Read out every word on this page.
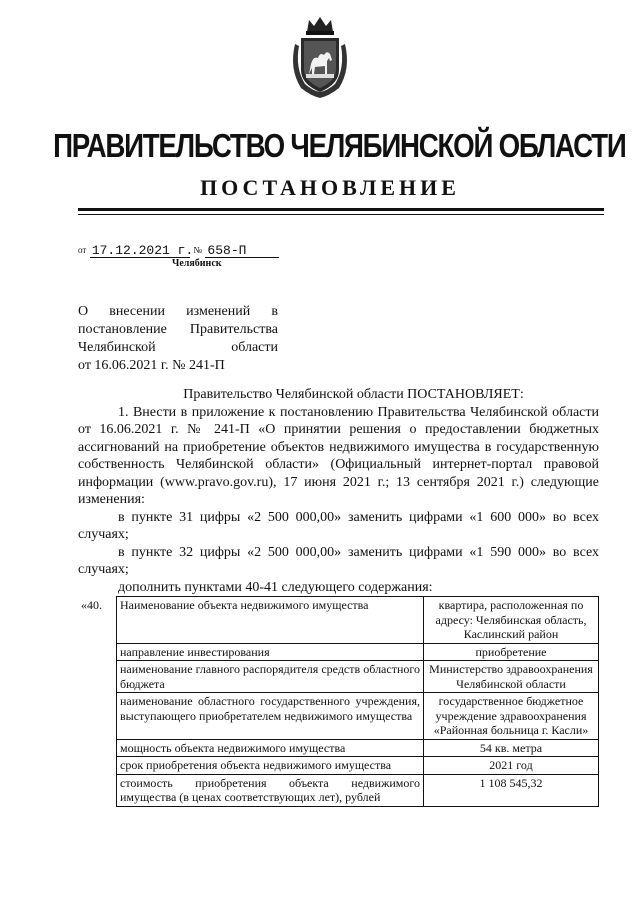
ПРАВИТЕЛЬСТВО ЧЕЛЯБИНСКОЙ ОБЛАСТИ
ПОСТАНОВЛЕНИЕ
от 17.12.2021 г. № 658-П
Челябинск

О внесении изменений в

постановление Правительства

Челябинской области

от 16.06.2021 г. № 241-П

Правительство Челябинской области ПОСТАНОВЛЯЕТ:

1. Внести в приложение к постановлению Правительства Челябинской области от 16.06.2021 г. № 241-П «О принятии решения о предоставлении бюджетных ассигнований на приобретение объектов недвижимого имущества в государственную собственность Челябинской области» (Официальный интернет-портал правовой информации (www.pravo.gov.ru), 17 июня 2021 г.; 13 сентября 2021 г.) следующие изменения:

в пункте 31 цифры «2 500 000,00» заменить цифрами «1 600 000» во всех случаях;

в пункте 32 цифры «2 500 000,00» заменить цифрами «1 590 000» во всех случаях;

дополнить пунктами 40-41 следующего содержания:

«40.	Наименование объекта недвижимого имущества	квартира, расположенная по адресу: Челябинская область, Каслинский район
	направление инвестирования	приобретение
	наименование главного распорядителя средств областного бюджета	Министерство здравоохранения Челябинской области
	наименование областного государственного учреждения, выступающего приобретателем недвижимого имущества	государственное бюджетное учреждение здравоохранения «Районная больница г. Касли»
	мощность объекта недвижимого имущества	54 кв. метра
	срок приобретения объекта недвижимого имущества	2021 год
	стоимость приобретения объекта недвижимого имущества (в ценах соответствующих лет), рублей	1 108 545,32
